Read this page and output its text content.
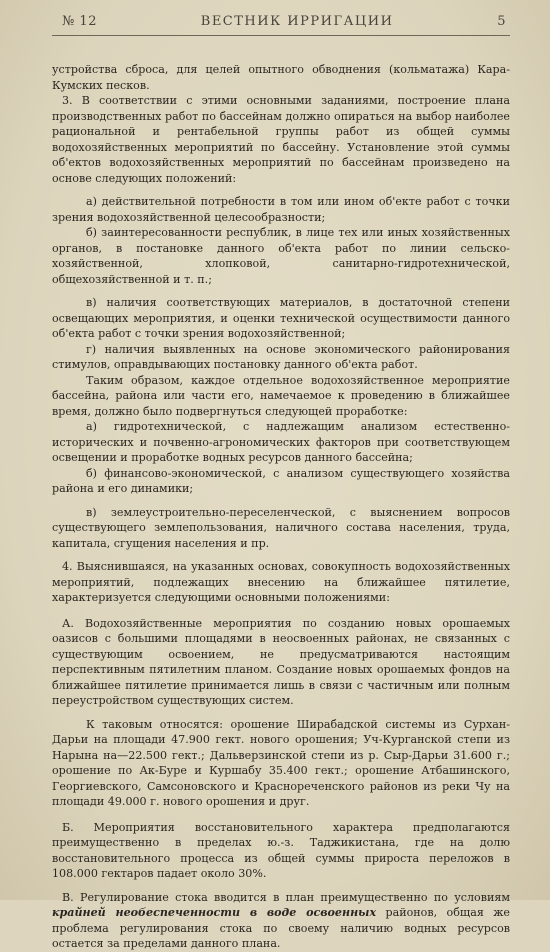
№ 12	ВЕСТНИК ИРРИГАЦИИ	5

устройства сброса, для целей опытного обводнения (кольматажа) Кара-Кумских песков.

3. В соответствии с этими основными заданиями, построение плана производственных работ по бассейнам должно опираться на выбор наиболее рациональной и рентабельной группы работ из общей суммы водохозяйственных мероприятий по бассейну. Установление этой суммы об'ектов водохозяйственных мероприятий по бассейнам произведено на основе следующих положений:

а) действительной потребности в том или ином об'екте работ с точки зрения водохозяйственной целесообразности;

б) заинтересованности республик, в лице тех или иных хозяйственных органов, в постановке данного об'екта работ по линии сельско-хозяйственной, хлопковой, санитарно-гидротехнической, общехозяйственной и т. п.;

в) наличия соответствующих материалов, в достаточной степени освещающих мероприятия, и оценки технической осуществимости данного об'екта работ с точки зрения водохозяйственной;

г) наличия выявленных на основе экономического районирования стимулов, оправдывающих постановку данного об'екта работ.

Таким образом, каждое отдельное водохозяйственное мероприятие бассейна, района или части его, намечаемое к проведению в ближайшее время, должно было подвергнуться следующей проработке:

а) гидротехнической, с надлежащим анализом естественно-исторических и почвенно-агрономических факторов при соответствующем освещении и проработке водных ресурсов данного бассейна;

б) финансово-экономической, с анализом существующего хозяйства района и его динамики;

в) землеустроительно-переселенческой, с выяснением вопросов существующего землепользования, наличного состава населения, труда, капитала, сгущения населения и пр.

4. Выяснившаяся, на указанных основах, совокупность водохозяйственных мероприятий, подлежащих внесению на ближайшее пятилетие, характеризуется следующими основными положениями:

А. Водохозяйственные мероприятия по созданию новых орошаемых оазисов с большими площадями в неосвоенных районах, не связанных с существующим освоением, не предусматриваются настоящим перспективным пятилетним планом. Создание новых орошаемых фондов на ближайшее пятилетие принимается лишь в связи с частичным или полным переустройством существующих систем.

К таковым относятся: орошение Ширабадской системы из Сурхан-Дарьи на площади 47.900 гект. нового орошения; Уч-Курганской степи из Нарына на—22.500 гект.; Дальверзинской степи из р. Сыр-Дарьи 31.600 г.; орошение по Ак-Буре и Куршабу 35.400 гект.; орошение Атбашинского, Георгиевского, Самсоновского и Краснореченского районов из реки Чу на площади 49.000 г. нового орошения и друг.

Б. Мероприятия восстановительного характера предполагаются преимущественно в пределах ю.-з. Таджикистана, где на долю восстановительного процесса из общей суммы прироста переложов в 108.000 гектаров падает около 30%.

В. Регулирование стока вводится в план преимущественно по условиям крайней необеспеченности в воде освоенных районов, общая же проблема регулирования стока по своему наличию водных ресурсов остается за пределами данного плана.
